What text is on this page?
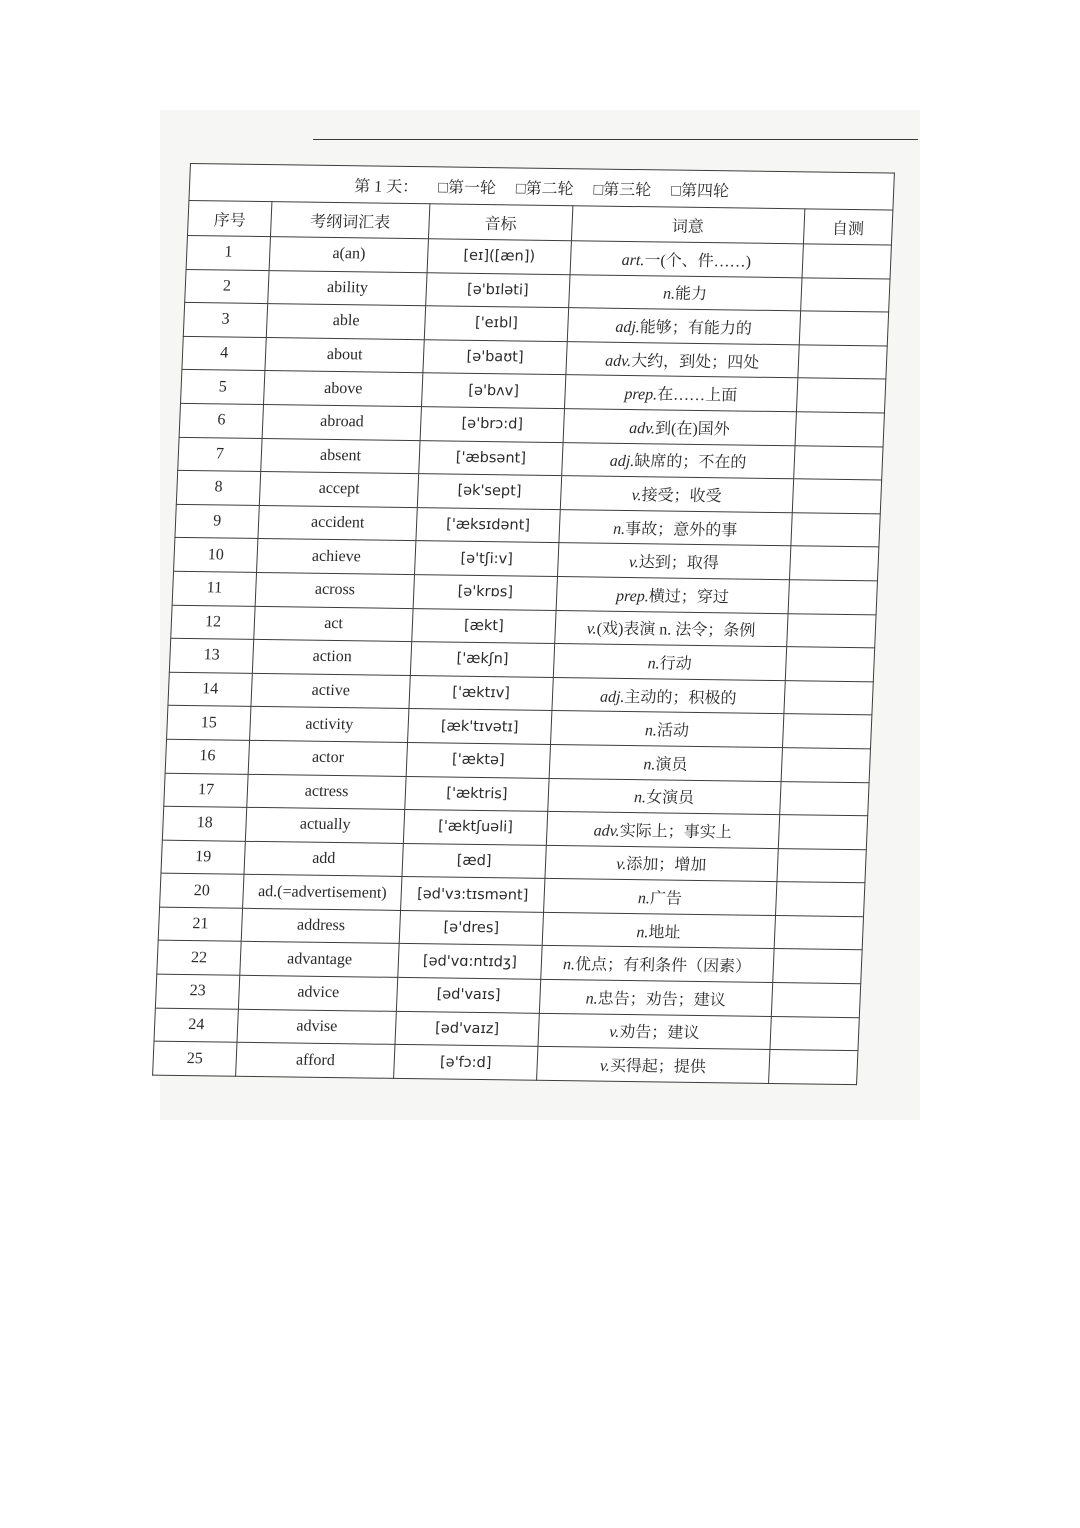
第 1 天： □第一轮 □第二轮 □第三轮 □第四轮				
序号	考纲词汇表	音标	词意	自测
1	a(an)	[eɪ]([æn])	art.一(个、件……)	
2	ability	[ə'bɪləti]	n.能力	
3	able	['eɪbl]	adj.能够；有能力的	
4	about	[ə'baʊt]	adv.大约，到处；四处	
5	above	[ə'bʌv]	prep.在……上面	
6	abroad	[ə'brɔ:d]	adv.到(在)国外	
7	absent	['æbsənt]	adj.缺席的；不在的	
8	accept	[ək'sept]	v.接受；收受	
9	accident	['æksɪdənt]	n.事故；意外的事	
10	achieve	[ə'tʃi:v]	v.达到；取得	
11	across	[ə'krɒs]	prep.横过；穿过	
12	act	[ækt]	v.(戏)表演 n. 法令；条例	
13	action	['ækʃn]	n.行动	
14	active	['æktɪv]	adj.主动的；积极的	
15	activity	[æk'tɪvətɪ]	n.活动	
16	actor	['æktə]	n.演员	
17	actress	['æktris]	n.女演员	
18	actually	['æktʃuəli]	adv.实际上；事实上	
19	add	[æd]	v.添加；增加	
20	ad.(=advertisement)	[əd'vɜ:tɪsmənt]	n.广告	
21	address	[ə'dres]	n.地址	
22	advantage	[əd'vɑ:ntɪdʒ]	n.优点；有利条件（因素）	
23	advice	[əd'vaɪs]	n.忠告；劝告；建议	
24	advise	[əd'vaɪz]	v.劝告；建议	
25	afford	[ə'fɔ:d]	v.买得起；提供	
